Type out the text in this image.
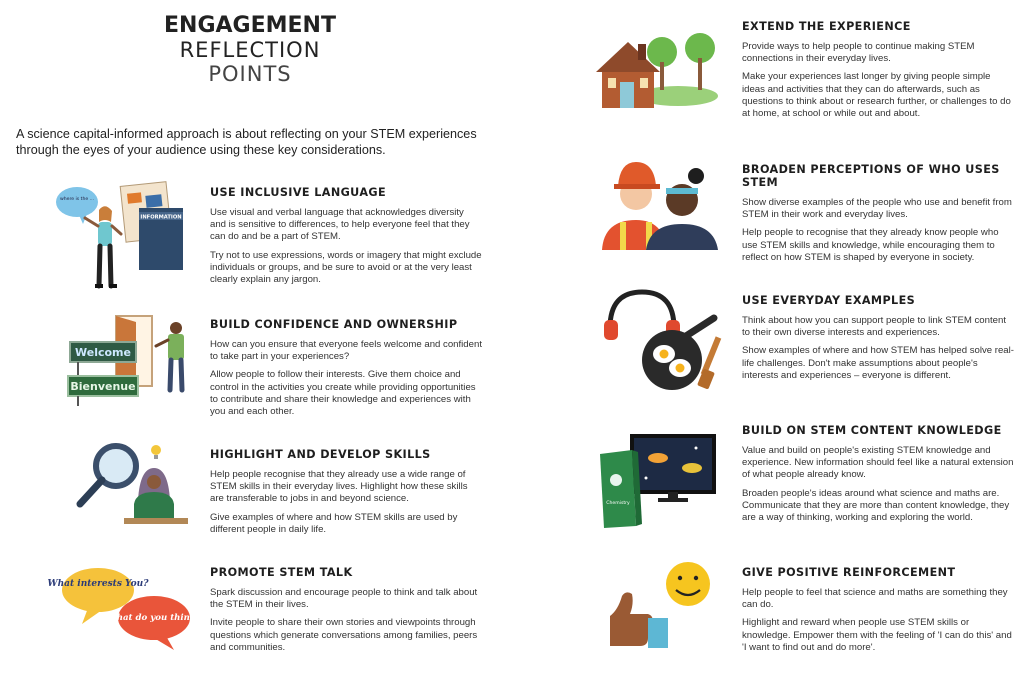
ENGAGEMENT
REFLECTION
POINTS

A science capital-informed approach is about reflecting on your STEM experiences through the eyes of your audience using these key considerations.

USE INCLUSIVE LANGUAGE

Use visual and verbal language that acknowledges diversity and is sensitive to differences, to help everyone feel that they can do and be a part of STEM.

Try not to use expressions, words or imagery that might exclude individuals or groups, and be sure to avoid or at the very least clearly explain any jargon.

BUILD CONFIDENCE AND OWNERSHIP

How can you ensure that everyone feels welcome and confident to take part in your experiences?

Allow people to follow their interests. Give them choice and control in the activities you create while providing opportunities to contribute and share their knowledge and experiences with you and each other.

HIGHLIGHT AND DEVELOP SKILLS

Help people recognise that they already use a wide range of STEM skills in their everyday lives. Highlight how these skills are transferable to jobs in and beyond science.

Give examples of where and how STEM skills are used by different people in daily life.

PROMOTE STEM TALK

Spark discussion and encourage people to think and talk about the STEM in their lives.

Invite people to share their own stories and viewpoints through questions which generate conversations among families, peers and communities.

EXTEND THE EXPERIENCE

Provide ways to help people to continue making STEM connections in their everyday lives.

Make your experiences last longer by giving people simple ideas and activities that they can do afterwards, such as questions to think about or research further, or challenges to do at home, at school or while out and about.

BROADEN PERCEPTIONS OF WHO USES STEM

Show diverse examples of the people who use and benefit from STEM in their work and everyday lives.

Help people to recognise that they already know people who use STEM skills and knowledge, while encouraging them to reflect on how STEM is shaped by everyone in society.

USE EVERYDAY EXAMPLES

Think about how you can support people to link STEM content to their own diverse interests and experiences.

Show examples of where and how STEM has helped solve real-life challenges. Don't make assumptions about people's interests and experiences – everyone is different.

BUILD ON STEM CONTENT KNOWLEDGE

Value and build on people's existing STEM knowledge and experience. New information should feel like a natural extension of what people already know.

Broaden people's ideas around what science and maths are. Communicate that they are more than content knowledge, they are a way of thinking, working and exploring the world.

GIVE POSITIVE REINFORCEMENT

Help people to feel that science and maths are something they can do.

Highlight and reward when people use STEM skills or knowledge. Empower them with the feeling of 'I can do this' and 'I want to find out and do more'.

where is the ...
INFORMATION
Welcome
Bienvenue
What interests You?
What do you think?
Chemistry
